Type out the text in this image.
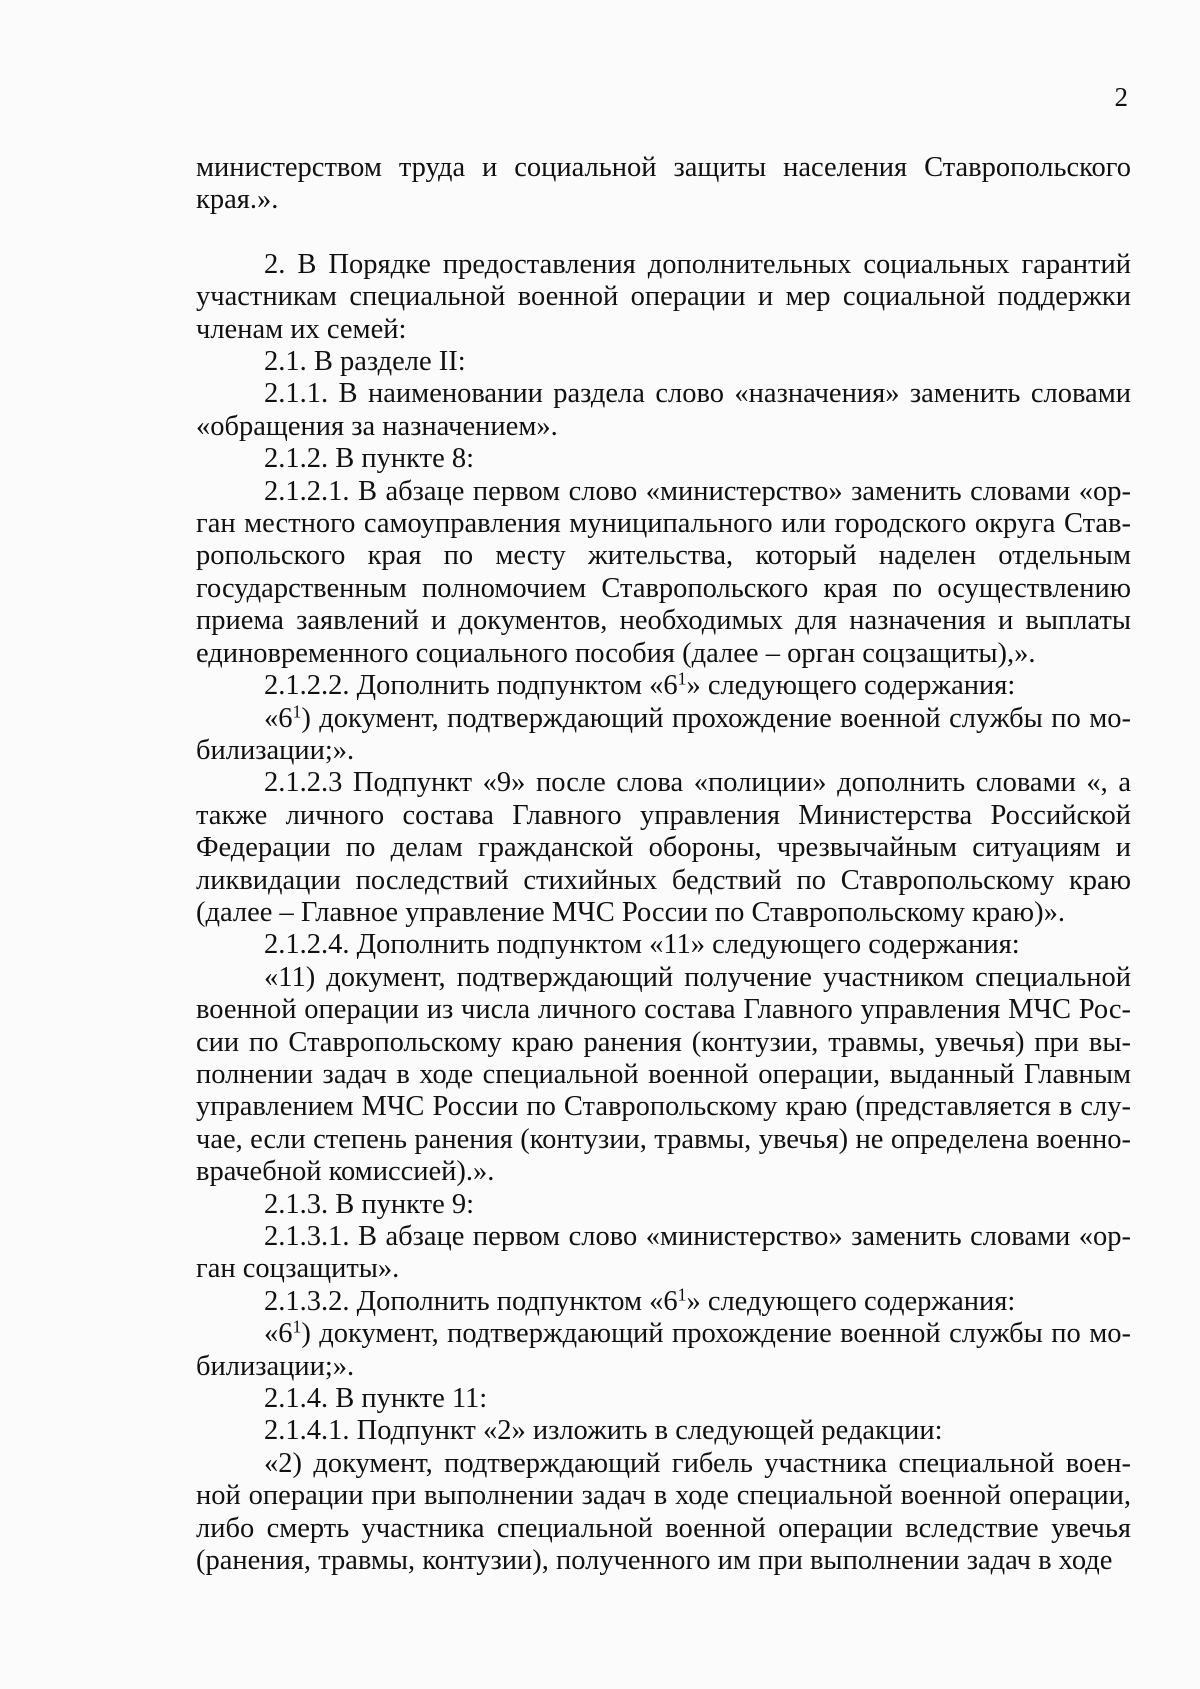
2

министерством труда и социальной защиты населения Ставропольского края.».

2. В Порядке предоставления дополнительных социальных гарантий участникам специальной военной операции и мер социальной поддержки членам их семей:

2.1. В разделе II:

2.1.1. В наименовании раздела слово «назначения» заменить словами «обращения за назначением».

2.1.2. В пункте 8:

2.1.2.1. В абзаце первом слово «министерство» заменить словами «орган местного самоуправления муниципального или городского округа Ставропольского края по месту жительства, который наделен отдельным государственным полномочием Ставропольского края по осуществлению приема заявлений и документов, необходимых для назначения и выплаты единовременного социального пособия (далее – орган соцзащиты),».

2.1.2.2. Дополнить подпунктом «$6^1$» следующего содержания:

«$6^1$) документ, подтверждающий прохождение военной службы по мобилизации;».

2.1.2.3 Подпункт «9» после слова «полиции» дополнить словами «, а также личного состава Главного управления Министерства Российской Федерации по делам гражданской обороны, чрезвычайным ситуациям и ликвидации последствий стихийных бедствий по Ставропольскому краю (далее – Главное управление МЧС России по Ставропольскому краю)».

2.1.2.4. Дополнить подпунктом «11» следующего содержания:

«11) документ, подтверждающий получение участником специальной военной операции из числа личного состава Главного управления МЧС России по Ставропольскому краю ранения (контузии, травмы, увечья) при выполнении задач в ходе специальной военной операции, выданный Главным управлением МЧС России по Ставропольскому краю (представляется в случае, если степень ранения (контузии, травмы, увечья) не определена военно-врачебной комиссией).».

2.1.3. В пункте 9:

2.1.3.1. В абзаце первом слово «министерство» заменить словами «орган соцзащиты».

2.1.3.2. Дополнить подпунктом «$6^1$» следующего содержания:

«$6^1$) документ, подтверждающий прохождение военной службы по мобилизации;».

2.1.4. В пункте 11:

2.1.4.1. Подпункт «2» изложить в следующей редакции:

«2) документ, подтверждающий гибель участника специальной военной операции при выполнении задач в ходе специальной военной операции, либо смерть участника специальной военной операции вследствие увечья (ранения, травмы, контузии), полученного им при выполнении задач в ходе
